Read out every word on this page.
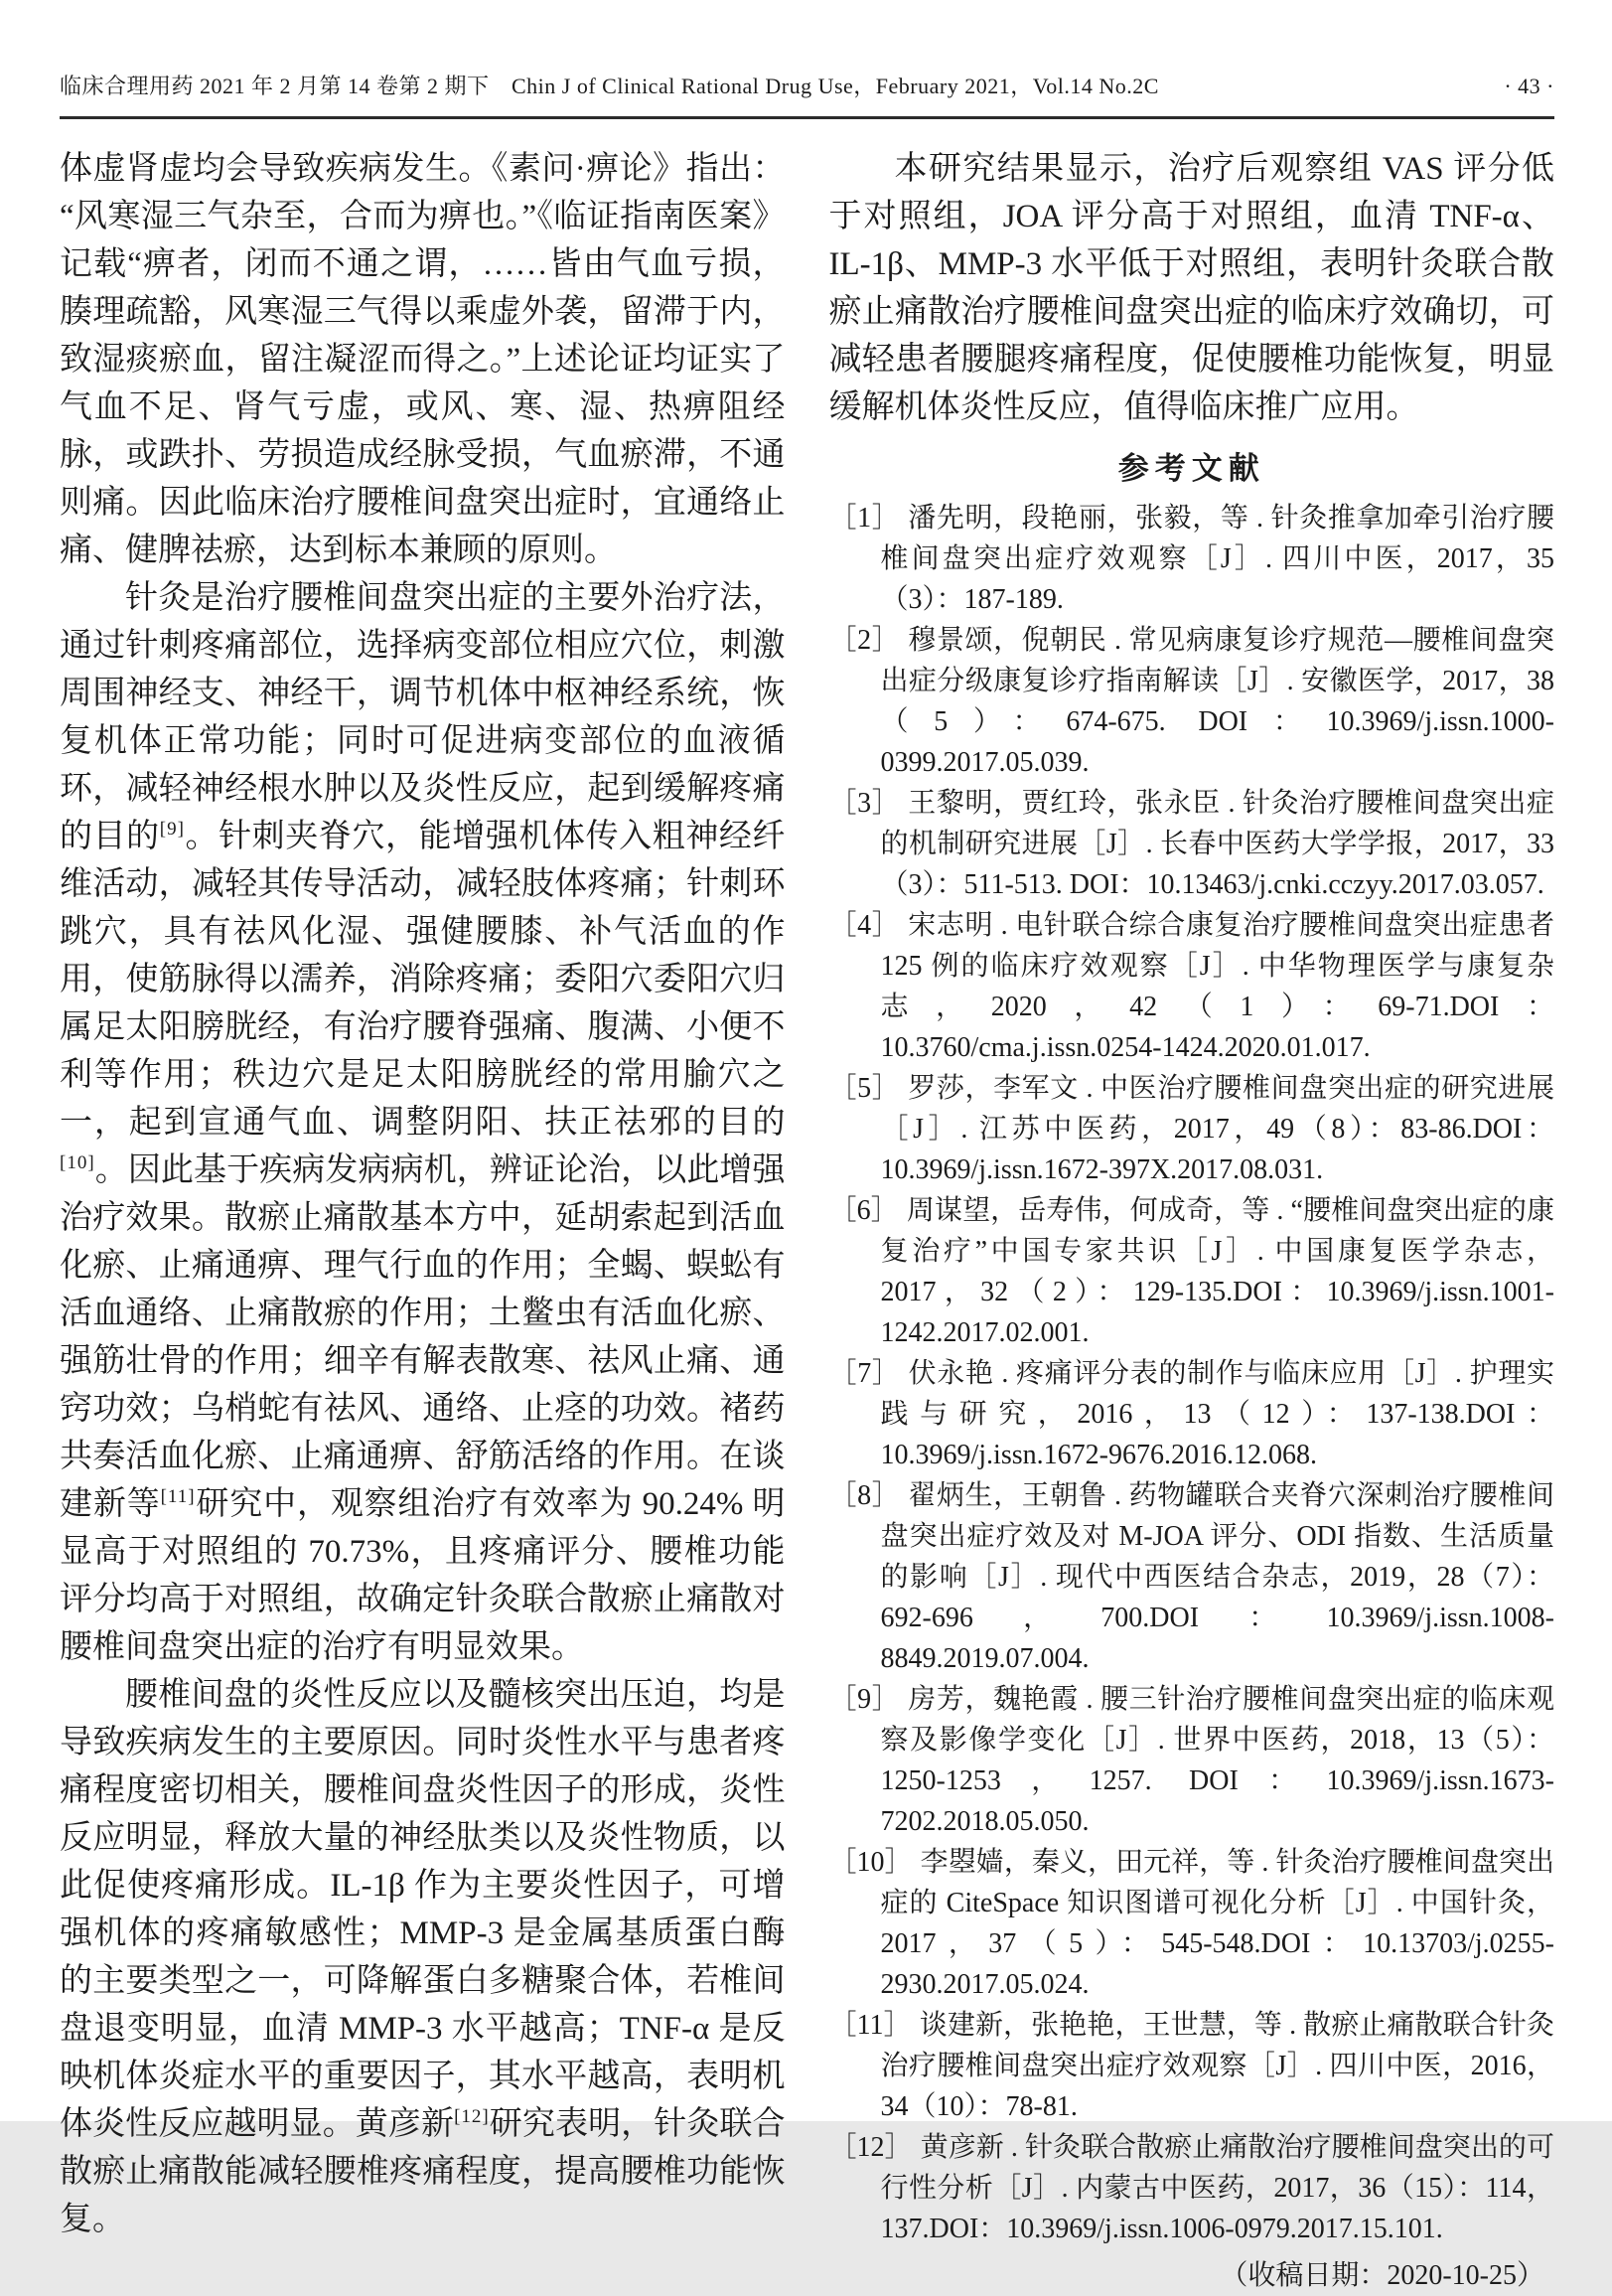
临床合理用药 2021 年 2 月第 14 卷第 2 期下　Chin J of Clinical Rational Drug Use，February 2021，Vol.14 No.2C	· 43 ·

体虚肾虚均会导致疾病发生。《素问·痹论》指出：“风寒湿三气杂至，合而为痹也。”《临证指南医案》记载“痹者，闭而不通之谓，……皆由气血亏损，腠理疏豁，风寒湿三气得以乘虚外袭，留滞于内，致湿痰瘀血，留注凝涩而得之。”上述论证均证实了气血不足、肾气亏虚，或风、寒、湿、热痹阻经脉，或跌扑、劳损造成经脉受损，气血瘀滞，不通则痛。因此临床治疗腰椎间盘突出症时，宜通络止痛、健脾祛瘀，达到标本兼顾的原则。

针灸是治疗腰椎间盘突出症的主要外治疗法，通过针刺疼痛部位，选择病变部位相应穴位，刺激周围神经支、神经干，调节机体中枢神经系统，恢复机体正常功能；同时可促进病变部位的血液循环，减轻神经根水肿以及炎性反应，起到缓解疼痛的目的[9]。针刺夹脊穴，能增强机体传入粗神经纤维活动，减轻其传导活动，减轻肢体疼痛；针刺环跳穴，具有祛风化湿、强健腰膝、补气活血的作用，使筋脉得以濡养，消除疼痛；委阳穴委阳穴归属足太阳膀胱经，有治疗腰脊强痛、腹满、小便不利等作用；秩边穴是足太阳膀胱经的常用腧穴之一，起到宣通气血、调整阴阳、扶正祛邪的目的[10]。因此基于疾病发病病机，辨证论治，以此增强治疗效果。散瘀止痛散基本方中，延胡索起到活血化瘀、止痛通痹、理气行血的作用；全蝎、蜈蚣有活血通络、止痛散瘀的作用；土鳖虫有活血化瘀、强筋壮骨的作用；细辛有解表散寒、祛风止痛、通窍功效；乌梢蛇有祛风、通络、止痉的功效。褚药共奏活血化瘀、止痛通痹、舒筋活络的作用。在谈建新等[11]研究中，观察组治疗有效率为 90.24% 明显高于对照组的 70.73%，且疼痛评分、腰椎功能评分均高于对照组，故确定针灸联合散瘀止痛散对腰椎间盘突出症的治疗有明显效果。

腰椎间盘的炎性反应以及髓核突出压迫，均是导致疾病发生的主要原因。同时炎性水平与患者疼痛程度密切相关，腰椎间盘炎性因子的形成，炎性反应明显，释放大量的神经肽类以及炎性物质，以此促使疼痛形成。IL-1β 作为主要炎性因子，可增强机体的疼痛敏感性；MMP-3 是金属基质蛋白酶的主要类型之一，可降解蛋白多糖聚合体，若椎间盘退变明显，血清 MMP-3 水平越高；TNF-α 是反映机体炎症水平的重要因子，其水平越高，表明机体炎性反应越明显。黄彦新[12]研究表明，针灸联合散瘀止痛散能减轻腰椎疼痛程度，提高腰椎功能恢复。

本研究结果显示，治疗后观察组 VAS 评分低于对照组，JOA 评分高于对照组，血清 TNF-α、IL-1β、MMP-3 水平低于对照组，表明针灸联合散瘀止痛散治疗腰椎间盘突出症的临床疗效确切，可减轻患者腰腿疼痛程度，促使腰椎功能恢复，明显缓解机体炎性反应，值得临床推广应用。

参考文献

［1］ 潘先明，段艳丽，张毅，等 . 针灸推拿加牵引治疗腰椎间盘突出症疗效观察［J］. 四川中医，2017，35（3）：187-189.

［2］ 穆景颂，倪朝民 . 常见病康复诊疗规范—腰椎间盘突出症分级康复诊疗指南解读［J］. 安徽医学，2017，38（5）：674-675. DOI：10.3969/j.issn.1000-0399.2017.05.039.

［3］ 王黎明，贾红玲，张永臣 . 针灸治疗腰椎间盘突出症的机制研究进展［J］. 长春中医药大学学报，2017，33（3）：511-513. DOI：10.13463/j.cnki.cczyy.2017.03.057.

［4］ 宋志明 . 电针联合综合康复治疗腰椎间盘突出症患者 125 例的临床疗效观察［J］. 中华物理医学与康复杂志，2020，42（1）：69-71.DOI：10.3760/cma.j.issn.0254-1424.2020.01.017.

［5］ 罗莎，李军文 . 中医治疗腰椎间盘突出症的研究进展［J］. 江苏中医药，2017，49（8）：83-86.DOI：10.3969/j.issn.1672-397X.2017.08.031.

［6］ 周谋望，岳寿伟，何成奇，等 . “腰椎间盘突出症的康复治疗”中国专家共识［J］. 中国康复医学杂志，2017，32（2）：129-135.DOI：10.3969/j.issn.1001-1242.2017.02.001.

［7］ 伏永艳 . 疼痛评分表的制作与临床应用［J］. 护理实践与研究，2016，13（12）：137-138.DOI：10.3969/j.issn.1672-9676.2016.12.068.

［8］ 翟炳生，王朝鲁 . 药物罐联合夹脊穴深刺治疗腰椎间盘突出症疗效及对 M-JOA 评分、ODI 指数、生活质量的影响［J］. 现代中西医结合杂志，2019，28（7）：692-696，700.DOI：10.3969/j.issn.1008-8849.2019.07.004.

［9］ 房芳，魏艳霞 . 腰三针治疗腰椎间盘突出症的临床观察及影像学变化［J］. 世界中医药，2018，13（5）：1250-1253，1257. DOI：10.3969/j.issn.1673-7202.2018.05.050.

［10］ 李曌嫱，秦义，田元祥，等 . 针灸治疗腰椎间盘突出症的 CiteSpace 知识图谱可视化分析［J］. 中国针灸，2017，37（5）：545-548.DOI：10.13703/j.0255-2930.2017.05.024.

［11］ 谈建新，张艳艳，王世慧，等 . 散瘀止痛散联合针灸治疗腰椎间盘突出症疗效观察［J］. 四川中医，2016，34（10）：78-81.

［12］ 黄彦新 . 针灸联合散瘀止痛散治疗腰椎间盘突出的可行性分析［J］. 内蒙古中医药，2017，36（15）：114，137.DOI：10.3969/j.issn.1006-0979.2017.15.101.

（收稿日期：2020-10-25）
